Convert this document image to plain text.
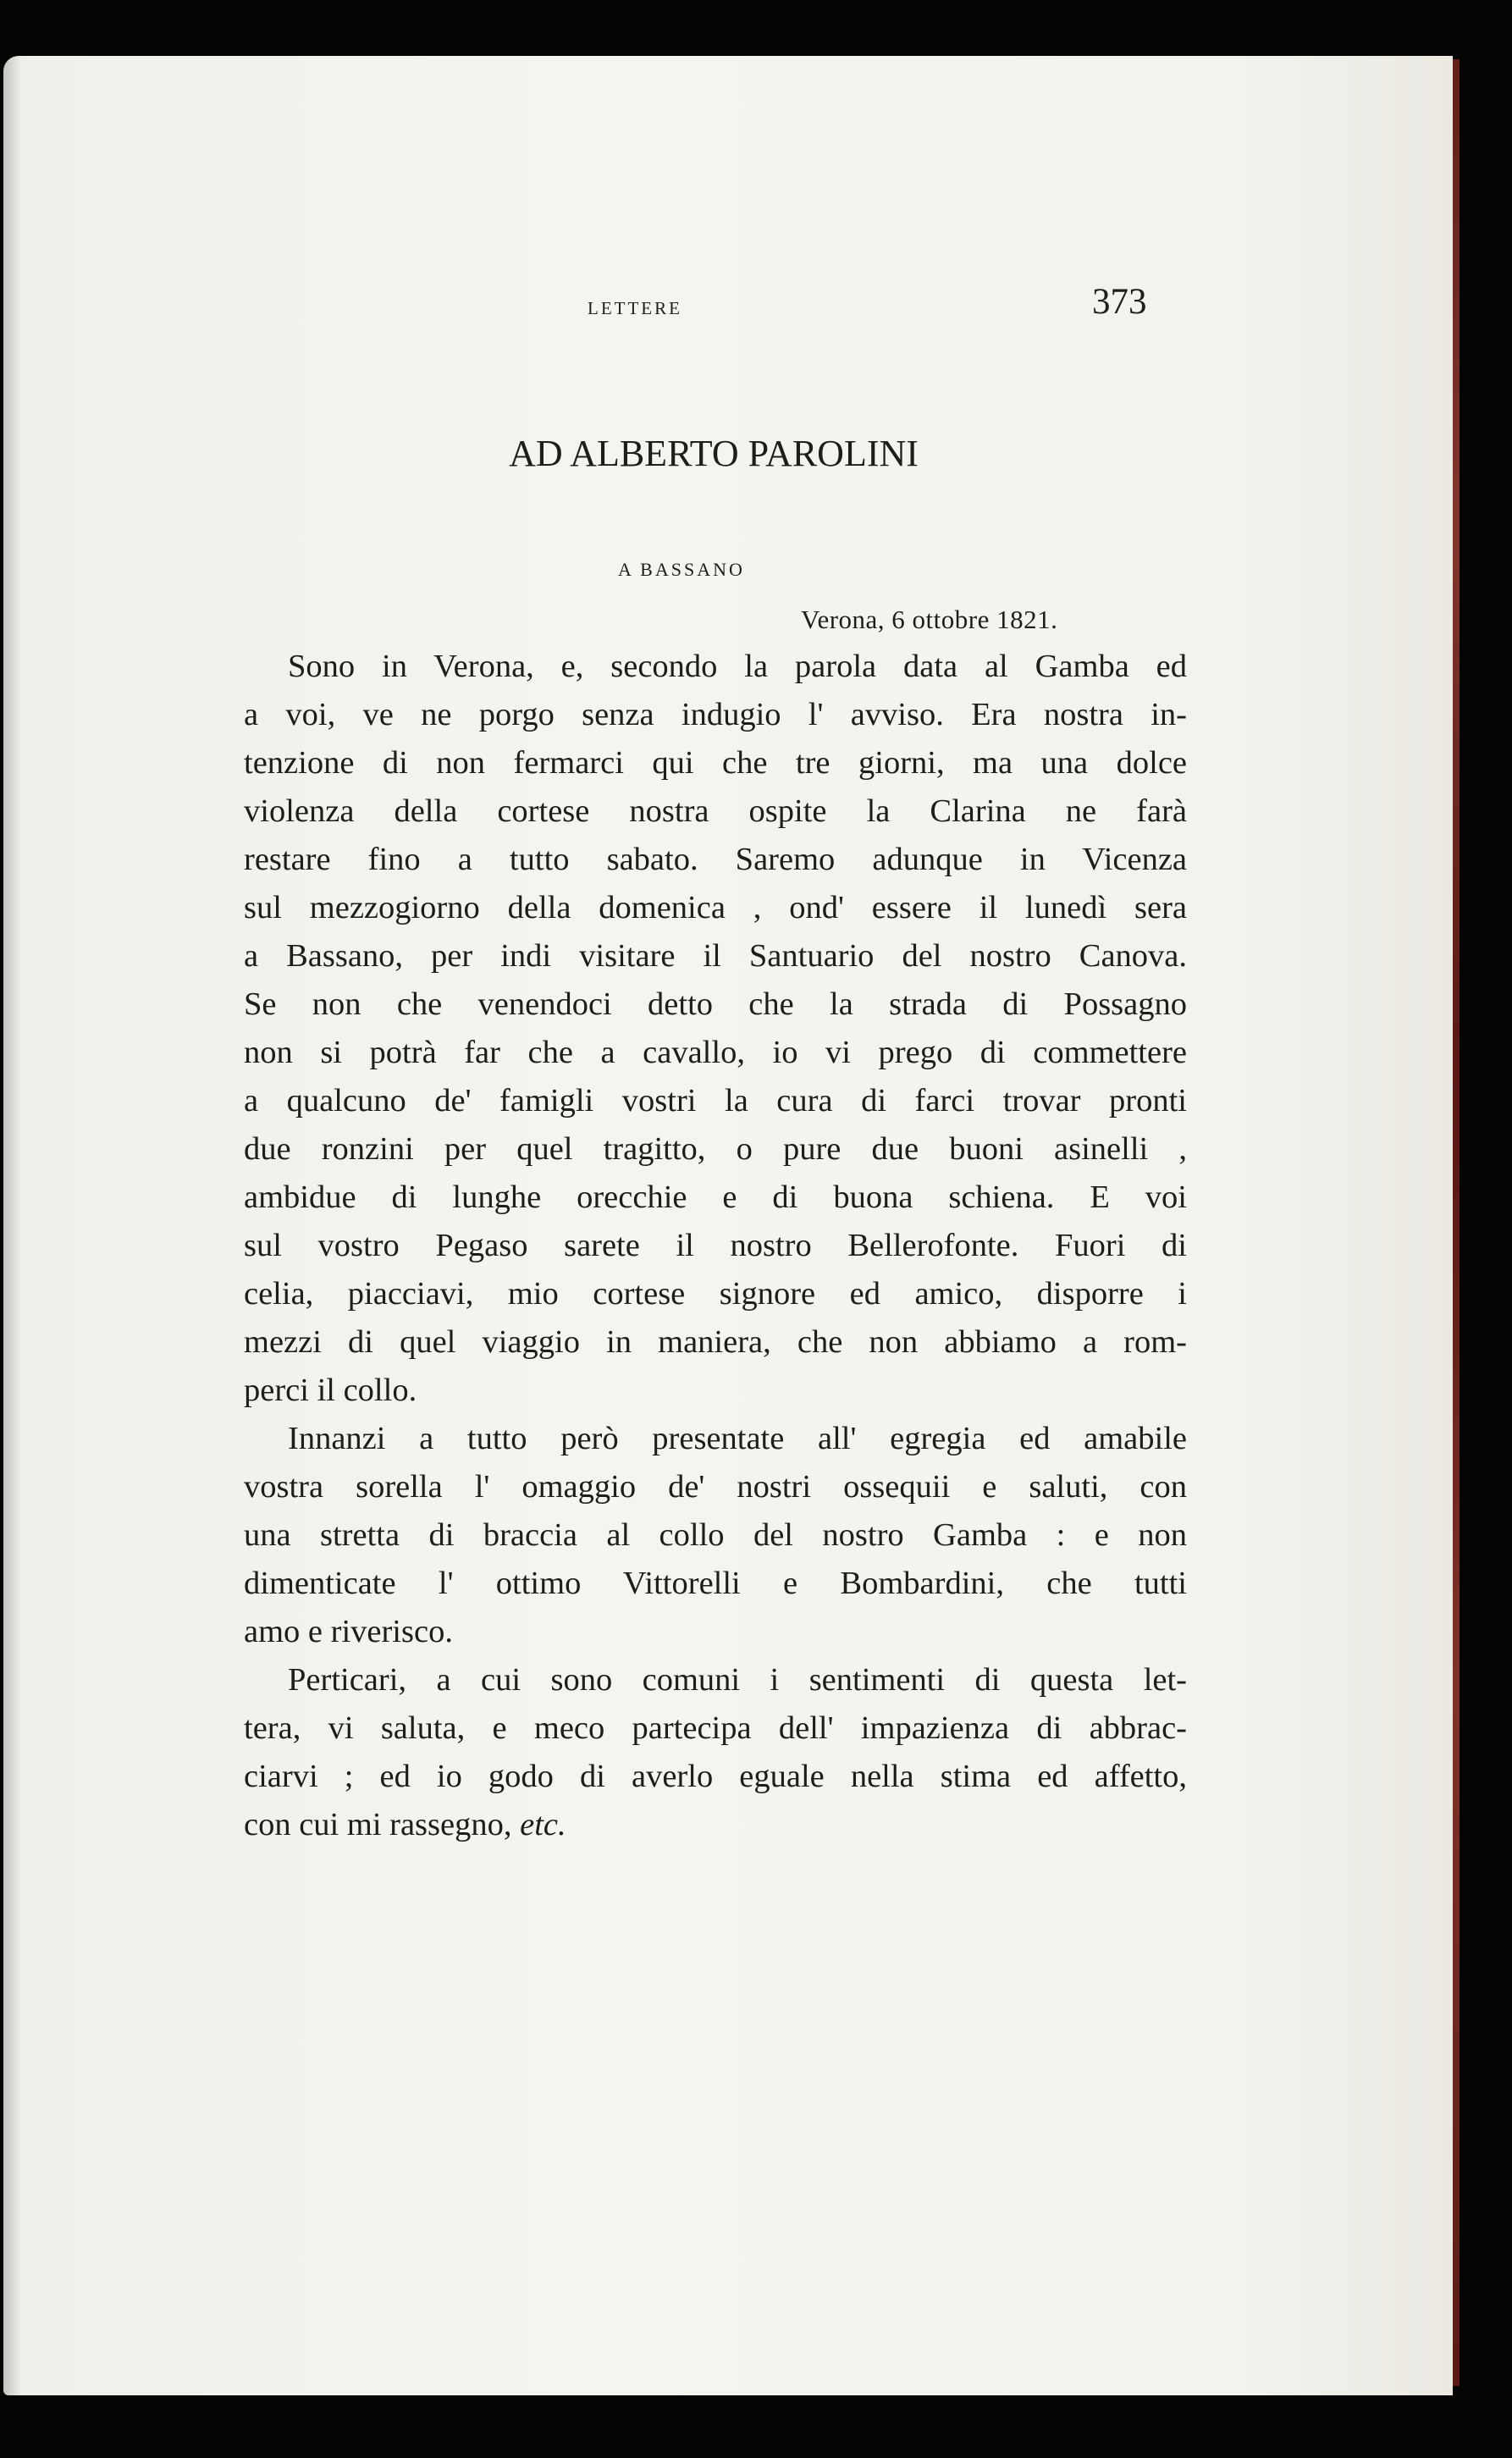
LETTERE	373
AD ALBERTO PAROLINI
A BASSANO
Verona, 6 ottobre 1821.
Sono in Verona, e, secondo la parola data al Gamba ed
a voi, ve ne porgo senza indugio l' avviso. Era nostra in-
tenzione di non fermarci qui che tre giorni, ma una dolce
violenza della cortese nostra ospite la Clarina ne farà
restare fino a tutto sabato. Saremo adunque in Vicenza
sul mezzogiorno della domenica , ond' essere il lunedì sera
a Bassano, per indi visitare il Santuario del nostro Canova.
Se non che venendoci detto che la strada di Possagno
non si potrà far che a cavallo, io vi prego di commettere
a qualcuno de' famigli vostri la cura di farci trovar pronti
due ronzini per quel tragitto, o pure due buoni asinelli ,
ambidue di lunghe orecchie e di buona schiena. E voi
sul vostro Pegaso sarete il nostro Bellerofonte. Fuori di
celia, piacciavi, mio cortese signore ed amico, disporre i
mezzi di quel viaggio in maniera, che non abbiamo a rom-
perci il collo.
Innanzi a tutto però presentate all' egregia ed amabile
vostra sorella l' omaggio de' nostri ossequii e saluti, con
una stretta di braccia al collo del nostro Gamba : e non
dimenticate l' ottimo Vittorelli e Bombardini, che tutti
amo e riverisco.
Perticari, a cui sono comuni i sentimenti di questa let-
tera, vi saluta, e meco partecipa dell' impazienza di abbrac-
ciarvi ; ed io godo di averlo eguale nella stima ed affetto,
con cui mi rassegno, etc.
